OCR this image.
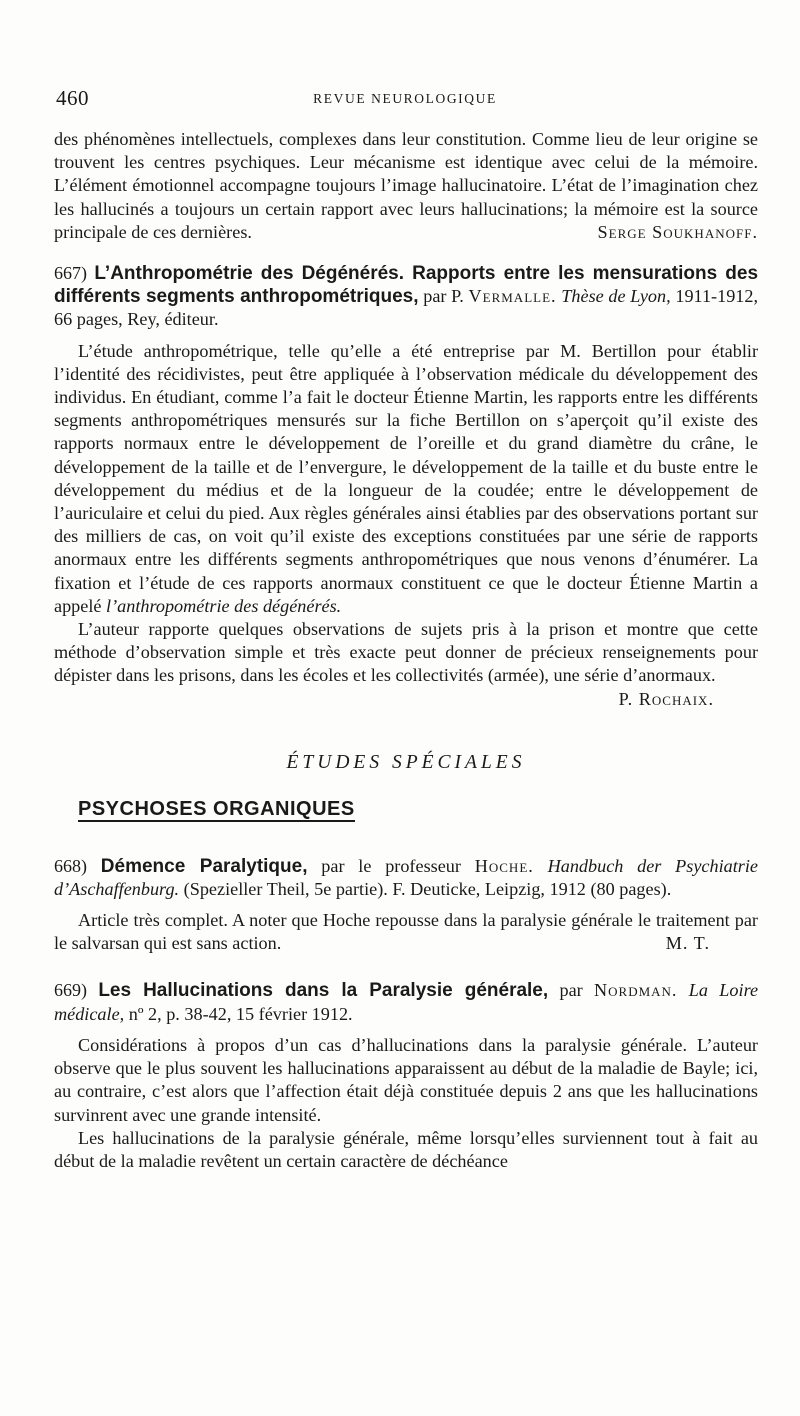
460	REVUE NEUROLOGIQUE

des phénomènes intellectuels, complexes dans leur constitution. Comme lieu de leur origine se trouvent les centres psychiques. Leur mécanisme est identique avec celui de la mémoire. L’élément émotionnel accompagne toujours l’image hallucinatoire. L’état de l’imagination chez les hallucinés a toujours un certain rapport avec leurs hallucinations; la mémoire est la source principale de ces dernières.	Serge Soukhanoff.

667) L’Anthropométrie des Dégénérés. Rapports entre les mensurations des différents segments anthropométriques, par P. Vermalle. Thèse de Lyon, 1911-1912, 66 pages, Rey, éditeur.

L’étude anthropométrique, telle qu’elle a été entreprise par M. Bertillon pour établir l’identité des récidivistes, peut être appliquée à l’observation médicale du développement des individus. En étudiant, comme l’a fait le docteur Étienne Martin, les rapports entre les différents segments anthropométriques mensurés sur la fiche Bertillon on s’aperçoit qu’il existe des rapports normaux entre le développement de l’oreille et du grand diamètre du crâne, le développement de la taille et de l’envergure, le développement de la taille et du buste entre le développement du médius et de la longueur de la coudée; entre le développement de l’auriculaire et celui du pied. Aux règles générales ainsi établies par des observations portant sur des milliers de cas, on voit qu’il existe des exceptions constituées par une série de rapports anormaux entre les différents segments anthropométriques que nous venons d’énumérer. La fixation et l’étude de ces rapports anormaux constituent ce que le docteur Étienne Martin a appelé l’anthropométrie des dégénérés.

L’auteur rapporte quelques observations de sujets pris à la prison et montre que cette méthode d’observation simple et très exacte peut donner de précieux renseignements pour dépister dans les prisons, dans les écoles et les collectivités (armée), une série d’anormaux.
P. Rochaix.

ÉTUDES SPÉCIALES

PSYCHOSES ORGANIQUES

668) Démence Paralytique, par le professeur Hoche. Handbuch der Psychiatrie d’Aschaffenburg. (Spezieller Theil, 5e partie). F. Deuticke, Leipzig, 1912 (80 pages).

Article très complet. A noter que Hoche repousse dans la paralysie générale le traitement par le salvarsan qui est sans action.	M. T.

669) Les Hallucinations dans la Paralysie générale, par Nordman. La Loire médicale, nº 2, p. 38-42, 15 février 1912.

Considérations à propos d’un cas d’hallucinations dans la paralysie générale. L’auteur observe que le plus souvent les hallucinations apparaissent au début de la maladie de Bayle; ici, au contraire, c’est alors que l’affection était déjà constituée depuis 2 ans que les hallucinations survinrent avec une grande intensité.

Les hallucinations de la paralysie générale, même lorsqu’elles surviennent tout à fait au début de la maladie revêtent un certain caractère de déchéance
